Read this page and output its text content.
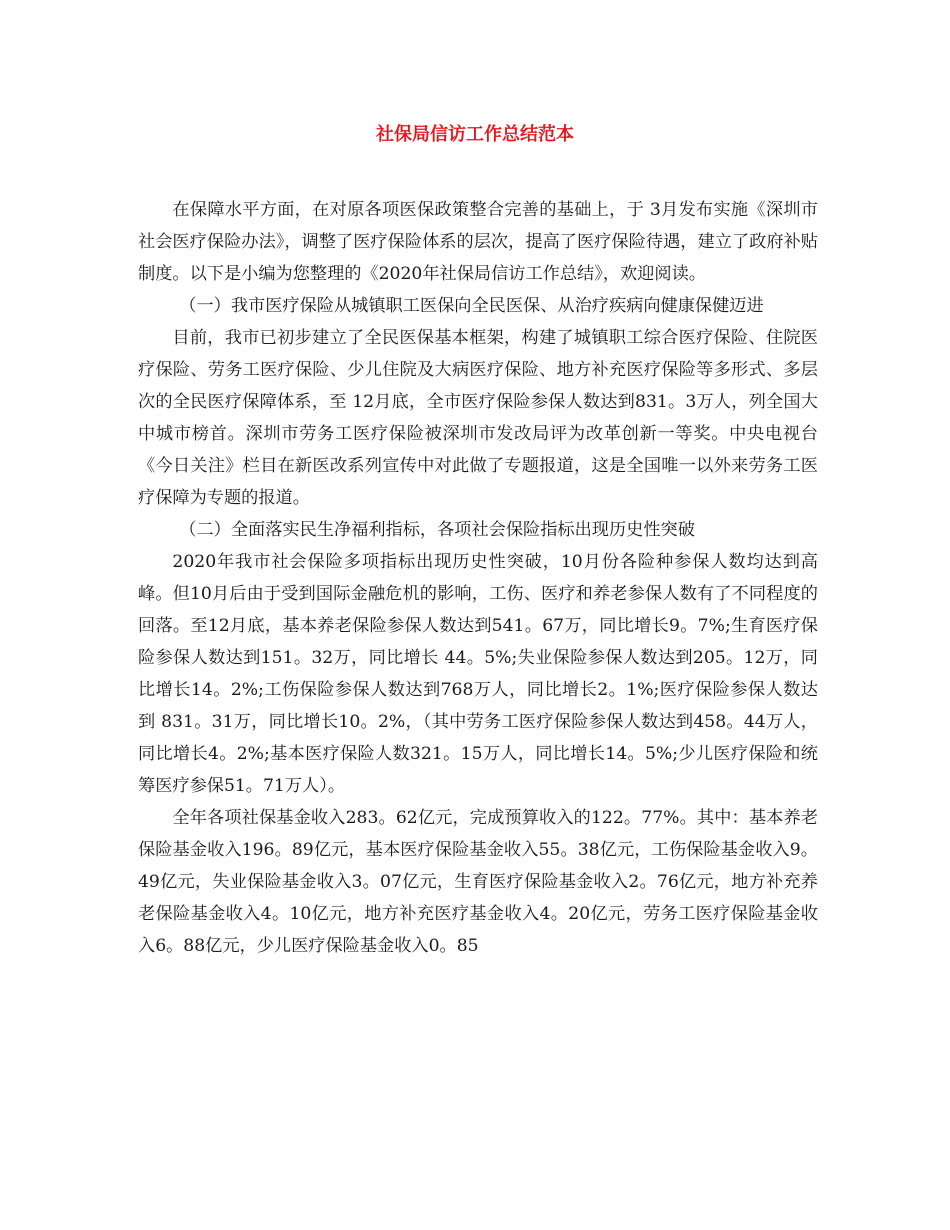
社保局信访工作总结范本

在保障水平方面，在对原各项医保政策整合完善的基础上，于 3月发布实施《深圳市社会医疗保险办法》，调整了医疗保险体系的层次，提高了医疗保险待遇，建立了政府补贴制度。以下是小编为您整理的《2020年社保局信访工作总结》，欢迎阅读。

（一）我市医疗保险从城镇职工医保向全民医保、从治疗疾病向健康保健迈进

目前，我市已初步建立了全民医保基本框架，构建了城镇职工综合医疗保险、住院医疗保险、劳务工医疗保险、少儿住院及大病医疗保险、地方补充医疗保险等多形式、多层次的全民医疗保障体系，至 12月底，全市医疗保险参保人数达到831。3万人，列全国大中城市榜首。深圳市劳务工医疗保险被深圳市发改局评为改革创新一等奖。中央电视台《今日关注》栏目在新医改系列宣传中对此做了专题报道，这是全国唯一以外来劳务工医疗保障为专题的报道。

（二）全面落实民生净福利指标，各项社会保险指标出现历史性突破

2020年我市社会保险多项指标出现历史性突破，10月份各险种参保人数均达到高峰。但10月后由于受到国际金融危机的影响，工伤、医疗和养老参保人数有了不同程度的回落。至12月底，基本养老保险参保人数达到541。67万，同比增长9。7%;生育医疗保险参保人数达到151。32万，同比增长 44。5%;失业保险参保人数达到205。12万，同比增长14。2%;工伤保险参保人数达到768万人，同比增长2。1%;医疗保险参保人数达到 831。31万，同比增长10。2%，（其中劳务工医疗保险参保人数达到458。44万人，同比增长4。2%;基本医疗保险人数321。15万人，同比增长14。5%;少儿医疗保险和统筹医疗参保51。71万人）。

全年各项社保基金收入283。62亿元，完成预算收入的122。77%。其中：基本养老保险基金收入196。89亿元，基本医疗保险基金收入55。38亿元，工伤保险基金收入9。49亿元，失业保险基金收入3。07亿元，生育医疗保险基金收入2。76亿元，地方补充养老保险基金收入4。10亿元，地方补充医疗基金收入4。20亿元，劳务工医疗保险基金收入6。88亿元，少儿医疗保险基金收入0。85
